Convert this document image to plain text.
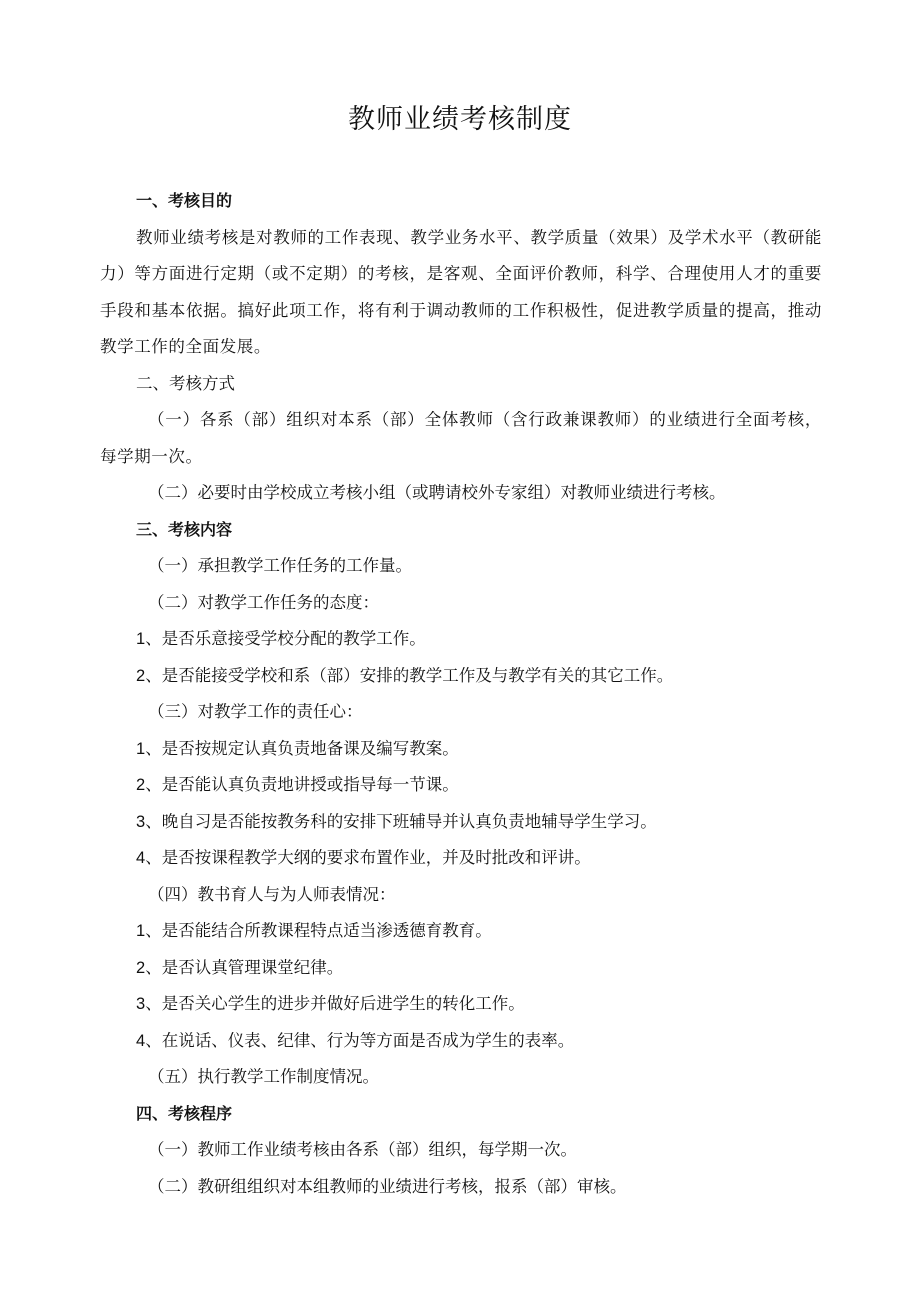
教师业绩考核制度

一、考核目的

教师业绩考核是对教师的工作表现、教学业务水平、教学质量（效果）及学术水平（教研能力）等方面进行定期（或不定期）的考核，是客观、全面评价教师，科学、合理使用人才的重要手段和基本依据。搞好此项工作，将有利于调动教师的工作积极性，促进教学质量的提高，推动教学工作的全面发展。

二、考核方式

（一）各系（部）组织对本系（部）全体教师（含行政兼课教师）的业绩进行全面考核，每学期一次。

（二）必要时由学校成立考核小组（或聘请校外专家组）对教师业绩进行考核。

三、考核内容

（一）承担教学工作任务的工作量。

（二）对教学工作任务的态度：

1、是否乐意接受学校分配的教学工作。

2、是否能接受学校和系（部）安排的教学工作及与教学有关的其它工作。

（三）对教学工作的责任心：

1、是否按规定认真负责地备课及编写教案。

2、是否能认真负责地讲授或指导每一节课。

3、晚自习是否能按教务科的安排下班辅导并认真负责地辅导学生学习。

4、是否按课程教学大纲的要求布置作业，并及时批改和评讲。

（四）教书育人与为人师表情况：

1、是否能结合所教课程特点适当渗透德育教育。

2、是否认真管理课堂纪律。

3、是否关心学生的进步并做好后进学生的转化工作。

4、在说话、仪表、纪律、行为等方面是否成为学生的表率。

（五）执行教学工作制度情况。

四、考核程序

（一）教师工作业绩考核由各系（部）组织，每学期一次。

（二）教研组组织对本组教师的业绩进行考核，报系（部）审核。
